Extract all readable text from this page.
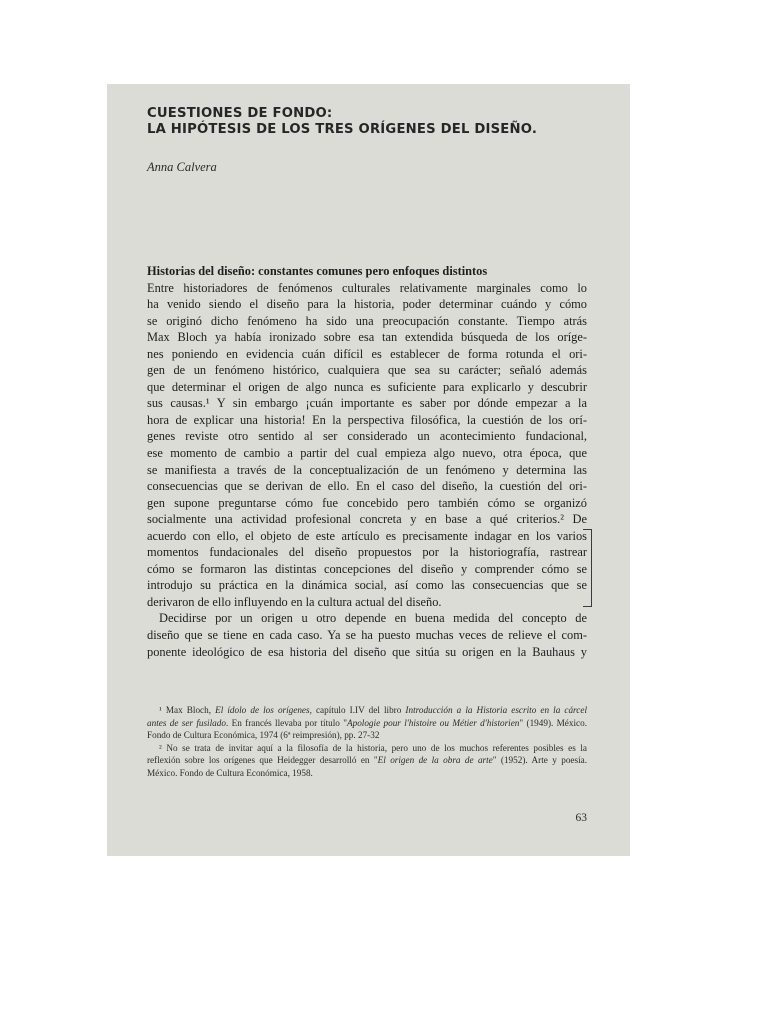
CUESTIONES DE FONDO:
LA HIPÓTESIS DE LOS TRES ORÍGENES DEL DISEÑO.
Anna Calvera
Historias del diseño: constantes comunes pero enfoques distintos

Entre historiadores de fenómenos culturales relativamente marginales como lo
ha venido siendo el diseño para la historia, poder determinar cuándo y cómo
se originó dicho fenómeno ha sido una preocupación constante. Tiempo atrás
Max Bloch ya había ironizado sobre esa tan extendida búsqueda de los oríge-
nes poniendo en evidencia cuán difícil es establecer de forma rotunda el ori-
gen de un fenómeno histórico, cualquiera que sea su carácter; señaló además
que determinar el origen de algo nunca es suficiente para explicarlo y descubrir
sus causas.¹ Y sin embargo ¡cuán importante es saber por dónde empezar a la
hora de explicar una historia! En la perspectiva filosófica, la cuestión de los orí-
genes reviste otro sentido al ser considerado un acontecimiento fundacional,
ese momento de cambio a partir del cual empieza algo nuevo, otra época, que
se manifiesta a través de la conceptualización de un fenómeno y determina las
consecuencias que se derivan de ello. En el caso del diseño, la cuestión del ori-
gen supone preguntarse cómo fue concebido pero también cómo se organizó
socialmente una actividad profesional concreta y en base a qué criterios.² De
acuerdo con ello, el objeto de este artículo es precisamente indagar en los varios
momentos fundacionales del diseño propuestos por la historiografía, rastrear
cómo se formaron las distintas concepciones del diseño y comprender cómo se
introdujo su práctica en la dinámica social, así como las consecuencias que se
derivaron de ello influyendo en la cultura actual del diseño.

Decidirse por un origen u otro depende en buena medida del concepto de
diseño que se tiene en cada caso. Ya se ha puesto muchas veces de relieve el com-
ponente ideológico de esa historia del diseño que sitúa su origen en la Bauhaus y

¹ Max Bloch, El ídolo de los orígenes, capítulo I.IV del libro Introducción a la Historia escrito en la cárcel
antes de ser fusilado. En francés llevaba por título "Apologie pour l'histoire ou Métier d'historien" (1949). México.
Fondo de Cultura Económica, 1974 (6ª reimpresión), pp. 27-32
² No se trata de invitar aquí a la filosofía de la historia, pero uno de los muchos referentes posibles es la
reflexión sobre los orígenes que Heidegger desarrolló en "El origen de la obra de arte" (1952). Arte y poesía.
México. Fondo de Cultura Económica, 1958.
63
